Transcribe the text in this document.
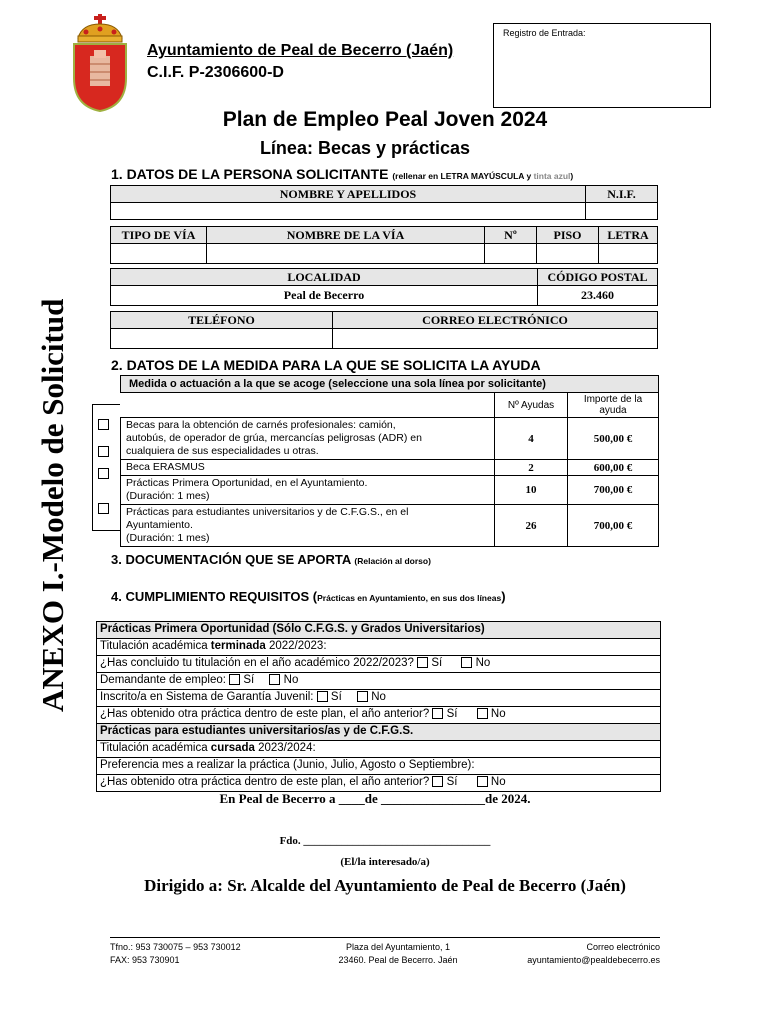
Ayuntamiento de Peal de Becerro (Jaén)
C.I.F. P-2306600-D
Registro de Entrada:
Plan de Empleo Peal Joven 2024
Línea: Becas y prácticas
ANEXO I.-Modelo de Solicitud
1. DATOS DE LA PERSONA SOLICITANTE (rellenar en LETRA MAYÚSCULA y tinta azul)
NOMBRE Y APELLIDOS	N.I.F.

TIPO DE VÍA	NOMBRE DE LA VÍA	Nº	PISO	LETRA

LOCALIDAD	CÓDIGO POSTAL
Peal de Becerro	23.460
TELÉFONO	CORREO ELECTRÓNICO

2. DATOS DE LA MEDIDA PARA LA QUE SE SOLICITA LA AYUDA
Medida o actuación a la que se acoge (seleccione una sola línea por solicitante)		
	Nº Ayudas	Importe de la ayuda

Becas para la obtención de carnés profesionales: camión,
autobús, de operador de grúa, mercancías peligrosas (ADR) en
cualquiera de sus especialidades u otras.	4	500,00 €

Beca ERASMUS	2	600,00 €

Prácticas Primera Oportunidad, en el Ayuntamiento.
(Duración: 1 mes)	10	700,00 €

Prácticas para estudiantes universitarios y de C.F.G.S., en el
Ayuntamiento.
(Duración: 1 mes)	26	700,00 €
3. DOCUMENTACIÓN QUE SE APORTA (Relación al dorso)
4. CUMPLIMIENTO REQUISITOS (Prácticas en Ayuntamiento, en sus dos líneas)
Prácticas Primera Oportunidad (Sólo C.F.G.S. y Grados Universitarios)
Titulación académica terminada 2022/2023:
¿Has concluido tu titulación en el año académico 2022/2023? Sí	No
Demandante de empleo: Sí	No
Inscrito/a en Sistema de Garantía Juvenil: Sí	No
¿Has obtenido otra práctica dentro de este plan, el año anterior? Sí	No
Prácticas para estudiantes universitarios/as y de C.F.G.S.
Titulación académica cursada 2023/2024:
Preferencia mes a realizar la práctica (Junio, Julio, Agosto o Septiembre):
¿Has obtenido otra práctica dentro de este plan, el año anterior? Sí	No
En Peal de Becerro a ____de ________________de 2024.
Fdo. __________________________________
(El/la interesado/a)
Dirigido a: Sr. Alcalde del Ayuntamiento de Peal de Becerro (Jaén)
Tfno.: 953 730075 – 953 730012
FAX: 953 730901
Plaza del Ayuntamiento, 1
23460. Peal de Becerro. Jaén
Correo electrónico
ayuntamiento@pealdebecerro.es
